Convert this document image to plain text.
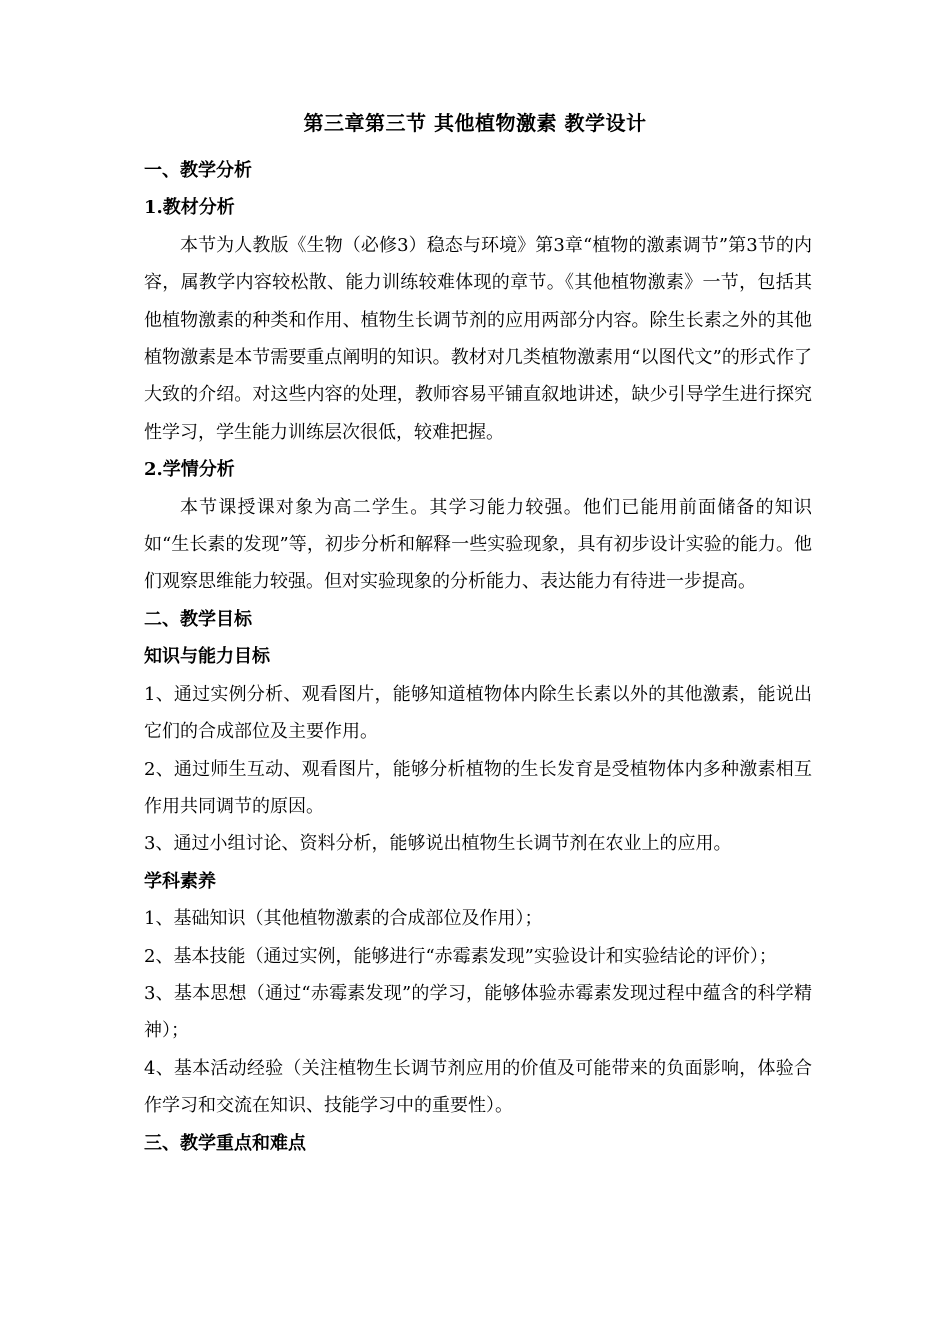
第三章第三节 其他植物激素 教学设计
一、教学分析
1.教材分析

本节为人教版《生物（必修3）稳态与环境》第3章“植物的激素调节”第3节的内容，属教学内容较松散、能力训练较难体现的章节。《其他植物激素》一节，包括其他植物激素的种类和作用、植物生长调节剂的应用两部分内容。除生长素之外的其他植物激素是本节需要重点阐明的知识。教材对几类植物激素用“以图代文”的形式作了大致的介绍。对这些内容的处理，教师容易平铺直叙地讲述，缺少引导学生进行探究性学习，学生能力训练层次很低，较难把握。

2.学情分析

本节课授课对象为高二学生。其学习能力较强。他们已能用前面储备的知识如“生长素的发现”等，初步分析和解释一些实验现象，具有初步设计实验的能力。他们观察思维能力较强。但对实验现象的分析能力、表达能力有待进一步提高。

二、教学目标
知识与能力目标

1、通过实例分析、观看图片，能够知道植物体内除生长素以外的其他激素，能说出它们的合成部位及主要作用。

2、通过师生互动、观看图片，能够分析植物的生长发育是受植物体内多种激素相互作用共同调节的原因。

3、通过小组讨论、资料分析，能够说出植物生长调节剂在农业上的应用。

学科素养

1、基础知识（其他植物激素的合成部位及作用）；

2、基本技能（通过实例，能够进行“赤霉素发现”实验设计和实验结论的评价）；

3、基本思想（通过“赤霉素发现”的学习，能够体验赤霉素发现过程中蕴含的科学精神）；

4、基本活动经验（关注植物生长调节剂应用的价值及可能带来的负面影响，体验合作学习和交流在知识、技能学习中的重要性）。

三、教学重点和难点
